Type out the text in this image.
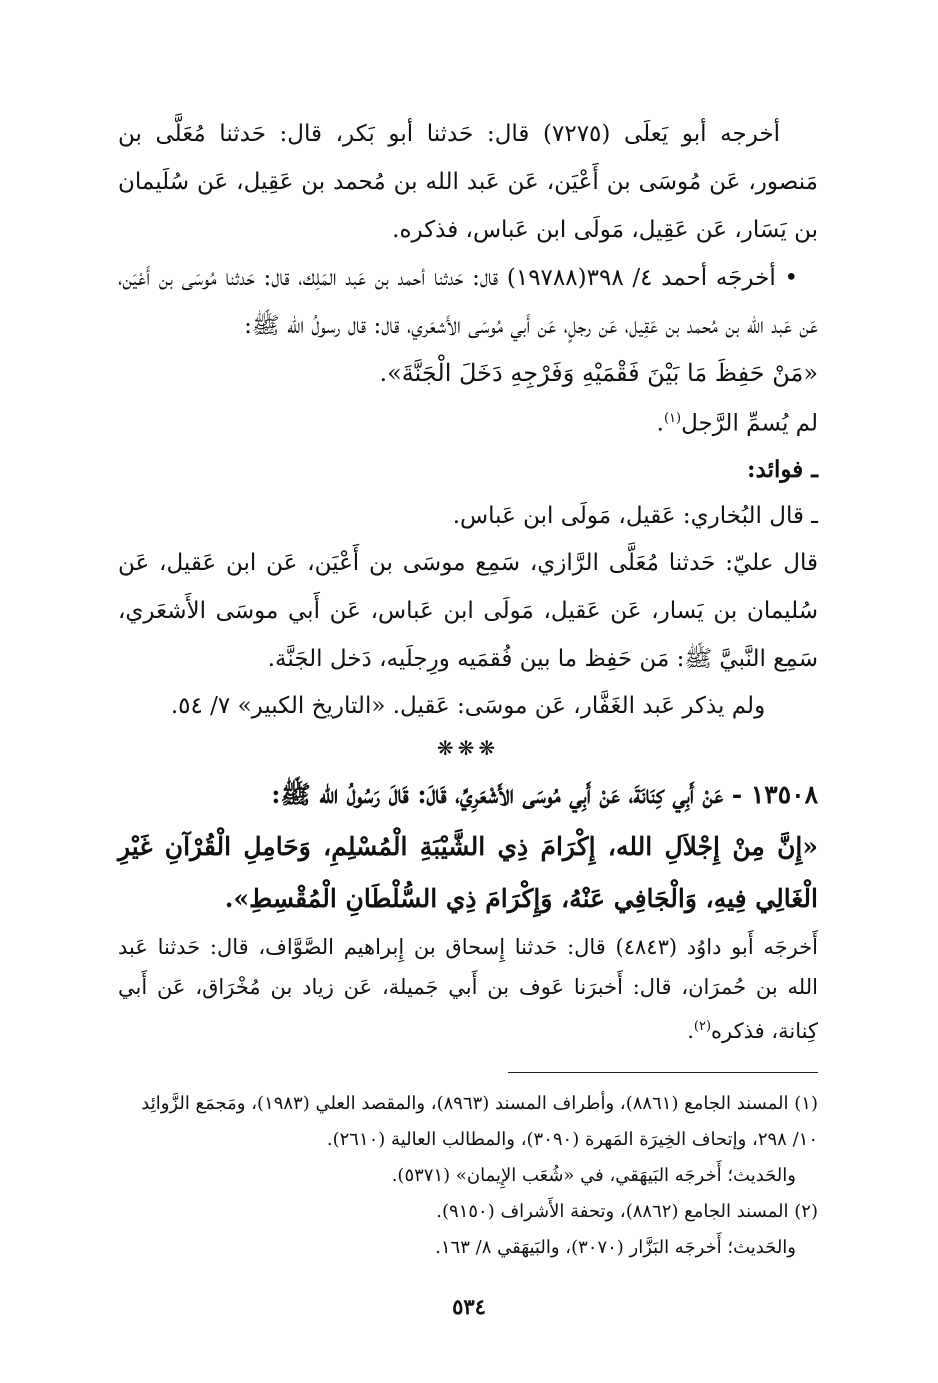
أخرجه أبو يَعلَى (٧٢٧٥) قال: حَدثنا أبو بَكر، قال: حَدثنا مُعَلَّى بن مَنصور، عَن مُوسَى بن أَعْيَن، عَن عَبد الله بن مُحمد بن عَقِيل، عَن سُلَيمان بن يَسَار، عَن عَقِيل، مَولَى ابن عَباس، فذكره.

• أخرجَه أحمد ٤/ ٣٩٨(١٩٧٨٨) قال: حَدثنا أحمد بن عَبد المَلِك، قال: حَدثنا مُوسَى بن أَعْيَن، عَن عَبد الله بن مُحمد بن عَقِيل، عَن رجلٍ، عَن أَبي مُوسَى الأَشعَري، قال: قال رسولُ الله ﷺ:

«مَنْ حَفِظَ مَا بَيْنَ فَقْمَيْهِ وَفَرْجِهِ دَخَلَ الْجَنَّةَ».

لم يُسمِّ الرَّجل$^{(١)}$.

ـ فوائد:

ـ قال البُخاري: عَقيل، مَولَى ابن عَباس.

قال عليّ: حَدثنا مُعَلَّى الرَّازي، سَمِع موسَى بن أَعْيَن، عَن ابن عَقيل، عَن سُليمان بن يَسار، عَن عَقيل، مَولَى ابن عَباس، عَن أَبي موسَى الأَشعَري، سَمِع النَّبيَّ ﷺ: مَن حَفِظ ما بين فُقمَيه ورِجلَيه، دَخل الجَنَّة.

ولم يذكر عَبد الغَفَّار، عَن موسَى: عَقيل. «التاريخ الكبير» ٧/ ٥٤.

❋❋❋

١٣٥٠٨ - عَنْ أَبِي كِنَانَةَ، عَنْ أَبِي مُوسَى الأَشْعَرِيِّ، قَالَ: قَالَ رَسُولُ الله ﷺ:

«إِنَّ مِنْ إِجْلاَلِ الله، إِكْرَامَ ذِي الشَّيْبَةِ الْمُسْلِمِ، وَحَامِلِ الْقُرْآنِ غَيْرِ الْغَالِي فِيهِ، وَالْجَافِي عَنْهُ، وَإِكْرَامَ ذِي السُّلْطَانِ الْمُقْسِطِ».

أَخرجَه أَبو داوُد (٤٨٤٣) قال: حَدثنا إِسحاق بن إِبراهيم الصَّوَّاف، قال: حَدثنا عَبد الله بن حُمرَان، قال: أَخبرَنا عَوف بن أَبي جَميلة، عَن زياد بن مُخْرَاق، عَن أَبي كِنانة، فذكره$^{(٢)}$.

(١) المسند الجامع (٨٨٦١)، وأطراف المسند (٨٩٦٣)، والمقصد العلي (١٩٨٣)، ومَجمَع الزَّوائِد ١٠/ ٢٩٨، وإتحاف الخِيرَة المَهرة (٣٠٩٠)، والمطالب العالية (٢٦١٠).

والحَديث؛ أَخرجَه البَيهَقي، في «شُعَب الإِيمان» (٥٣٧١).

(٢) المسند الجامع (٨٨٦٢)، وتحفة الأَشراف (٩١٥٠).

والحَديث؛ أَخرجَه البَزَّار (٣٠٧٠)، والبَيهَقي ٨/ ١٦٣.

٥٣٤
